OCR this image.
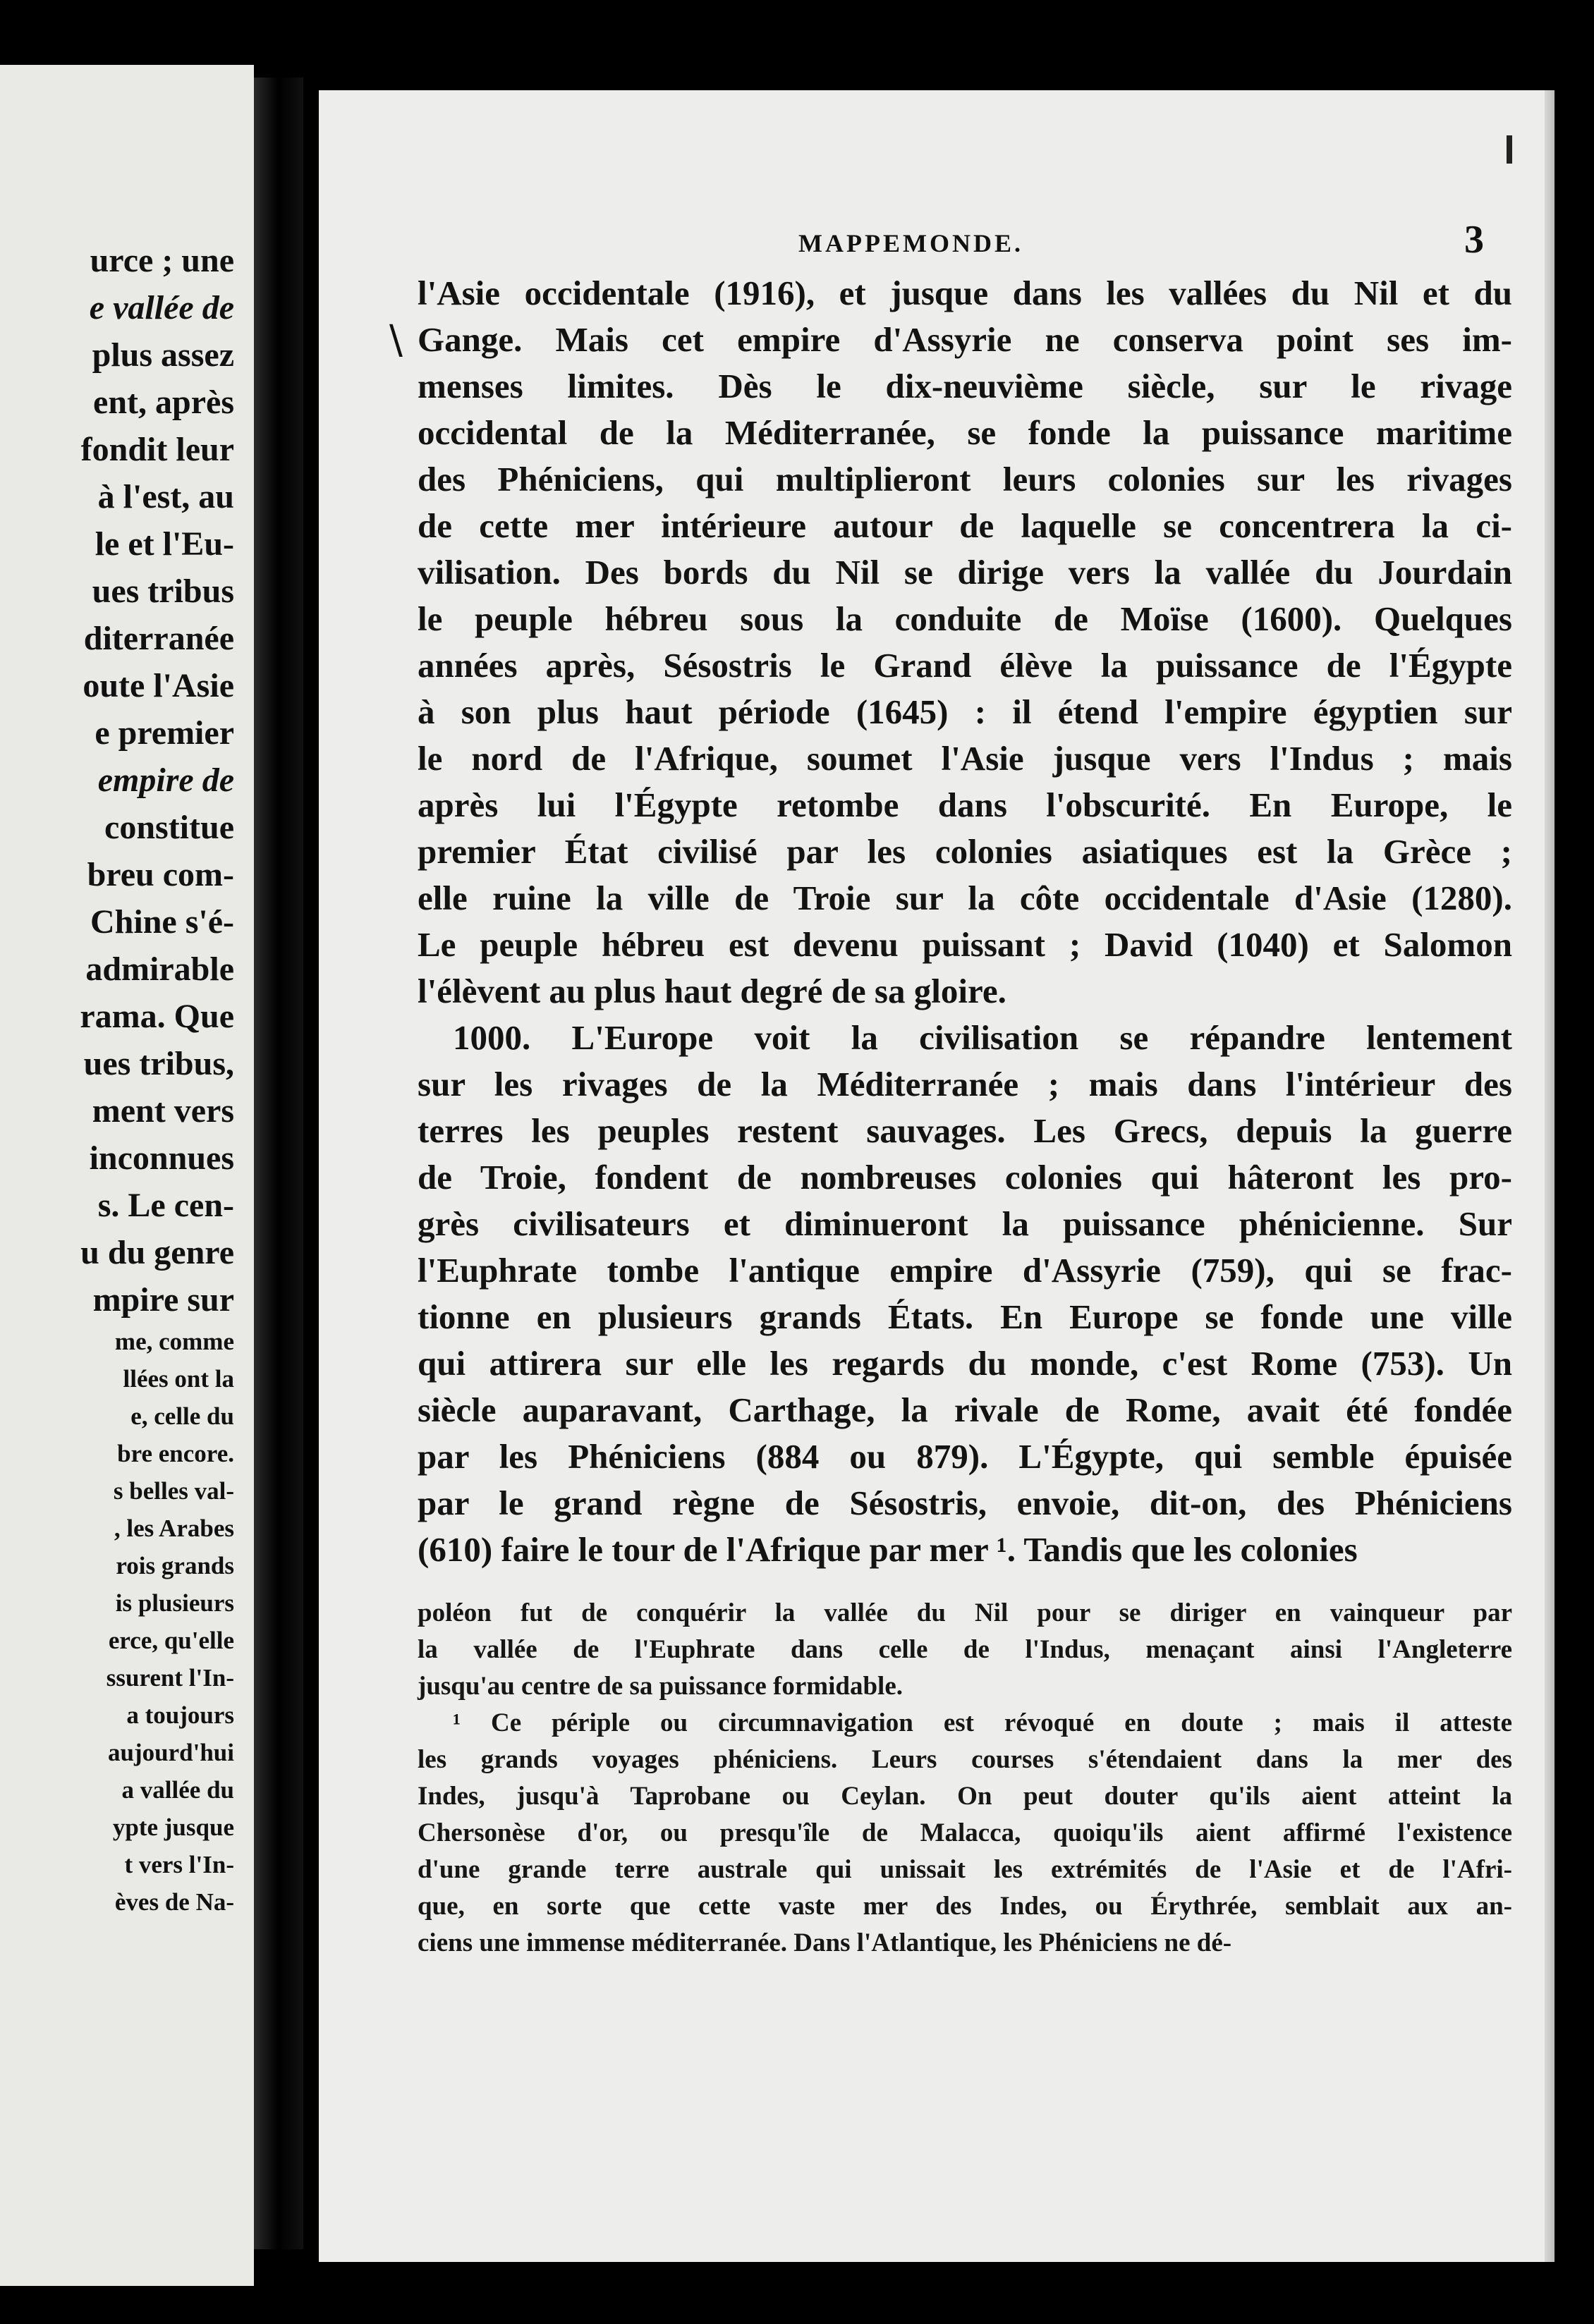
urce ; une
e vallée de
plus assez
ent, après
fondit leur
à l'est, au
le et l'Eu-
ues tribus
diterranée
oute l'Asie
e premier
empire de
constitue
breu com-
Chine s'é-
admirable
rama. Que
ues tribus,
ment vers
inconnues
s. Le cen-
u du genre
mpire sur
me, comme
llées ont la
e, celle du
bre encore.
s belles val-
, les Arabes
rois grands
is plusieurs
erce, qu'elle
ssurent l'In-
a toujours
aujourd'hui
a vallée du
ypte jusque
t vers l'In-
èves de Na-
MAPPEMONDE.	3
\
l'Asie occidentale (1916), et jusque dans les vallées du Nil et du
Gange. Mais cet empire d'Assyrie ne conserva point ses im-
menses limites. Dès le dix-neuvième siècle, sur le rivage
occidental de la Méditerranée, se fonde la puissance maritime
des Phéniciens, qui multiplieront leurs colonies sur les rivages
de cette mer intérieure autour de laquelle se concentrera la ci-
vilisation. Des bords du Nil se dirige vers la vallée du Jourdain
le peuple hébreu sous la conduite de Moïse (1600). Quelques
années après, Sésostris le Grand élève la puissance de l'Égypte
à son plus haut période (1645) : il étend l'empire égyptien sur
le nord de l'Afrique, soumet l'Asie jusque vers l'Indus ; mais
après lui l'Égypte retombe dans l'obscurité. En Europe, le
premier État civilisé par les colonies asiatiques est la Grèce ;
elle ruine la ville de Troie sur la côte occidentale d'Asie (1280).
Le peuple hébreu est devenu puissant ; David (1040) et Salomon
l'élèvent au plus haut degré de sa gloire.
1000. L'Europe voit la civilisation se répandre lentement
sur les rivages de la Méditerranée ; mais dans l'intérieur des
terres les peuples restent sauvages. Les Grecs, depuis la guerre
de Troie, fondent de nombreuses colonies qui hâteront les pro-
grès civilisateurs et diminueront la puissance phénicienne. Sur
l'Euphrate tombe l'antique empire d'Assyrie (759), qui se frac-
tionne en plusieurs grands États. En Europe se fonde une ville
qui attirera sur elle les regards du monde, c'est Rome (753). Un
siècle auparavant, Carthage, la rivale de Rome, avait été fondée
par les Phéniciens (884 ou 879). L'Égypte, qui semble épuisée
par le grand règne de Sésostris, envoie, dit-on, des Phéniciens
(610) faire le tour de l'Afrique par mer ¹. Tandis que les colonies
poléon fut de conquérir la vallée du Nil pour se diriger en vainqueur par
la vallée de l'Euphrate dans celle de l'Indus, menaçant ainsi l'Angleterre
jusqu'au centre de sa puissance formidable.
¹ Ce périple ou circumnavigation est révoqué en doute ; mais il atteste
les grands voyages phéniciens. Leurs courses s'étendaient dans la mer des
Indes, jusqu'à Taprobane ou Ceylan. On peut douter qu'ils aient atteint la
Chersonèse d'or, ou presqu'île de Malacca, quoiqu'ils aient affirmé l'existence
d'une grande terre australe qui unissait les extrémités de l'Asie et de l'Afri-
que, en sorte que cette vaste mer des Indes, ou Érythrée, semblait aux an-
ciens une immense méditerranée. Dans l'Atlantique, les Phéniciens ne dé-
